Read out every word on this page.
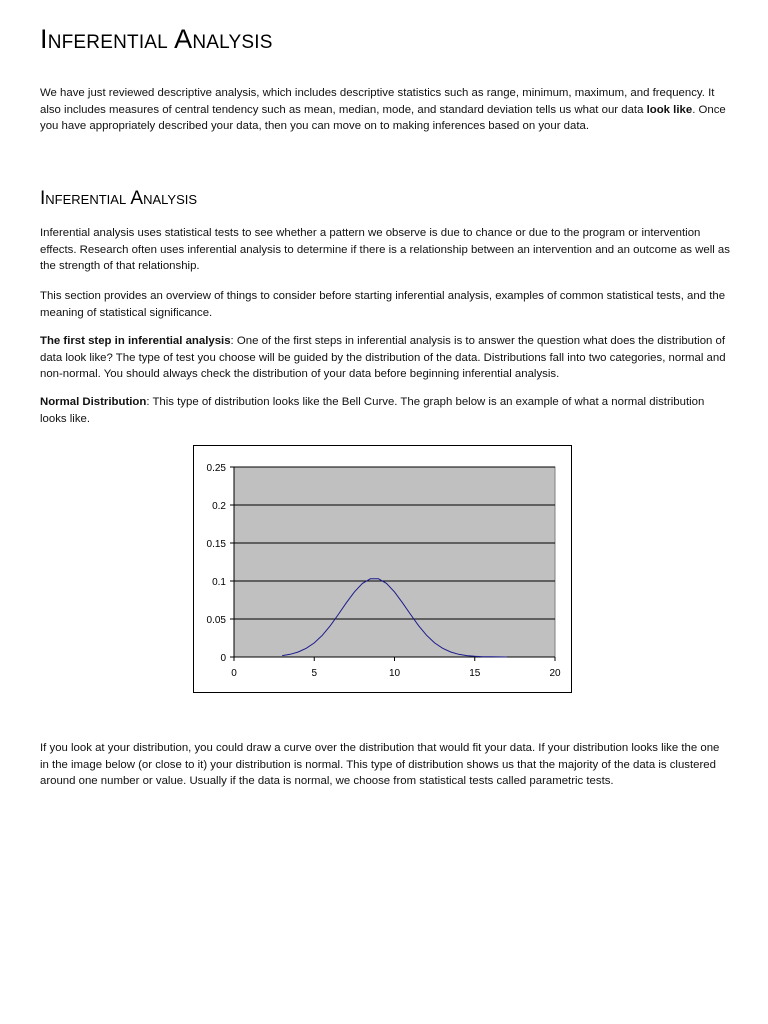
Inferential Analysis

We have just reviewed descriptive analysis, which includes descriptive statistics such as range, minimum, maximum, and frequency. It also includes measures of central tendency such as mean, median, mode, and standard deviation tells us what our data look like. Once you have appropriately described your data, then you can move on to making inferences based on your data.

Inferential Analysis

Inferential analysis uses statistical tests to see whether a pattern we observe is due to chance or due to the program or intervention effects. Research often uses inferential analysis to determine if there is a relationship between an intervention and an outcome as well as the strength of that relationship.

This section provides an overview of things to consider before starting inferential analysis, examples of common statistical tests, and the meaning of statistical significance.

The first step in inferential analysis: One of the first steps in inferential analysis is to answer the question what does the distribution of data look like? The type of test you choose will be guided by the distribution of the data. Distributions fall into two categories, normal and non-normal. You should always check the distribution of your data before beginning inferential analysis.

Normal Distribution: This type of distribution looks like the Bell Curve. The graph below is an example of what a normal distribution looks like.

If you look at your distribution, you could draw a curve over the distribution that would fit your data. If your distribution looks like the one in the image below (or close to it) your distribution is normal. This type of distribution shows us that the majority of the data is clustered around one number or value. Usually if the data is normal, we choose from statistical tests called parametric tests.

0
0.05
0.1
0.15
0.2
0.25
0	5	10	15	20
